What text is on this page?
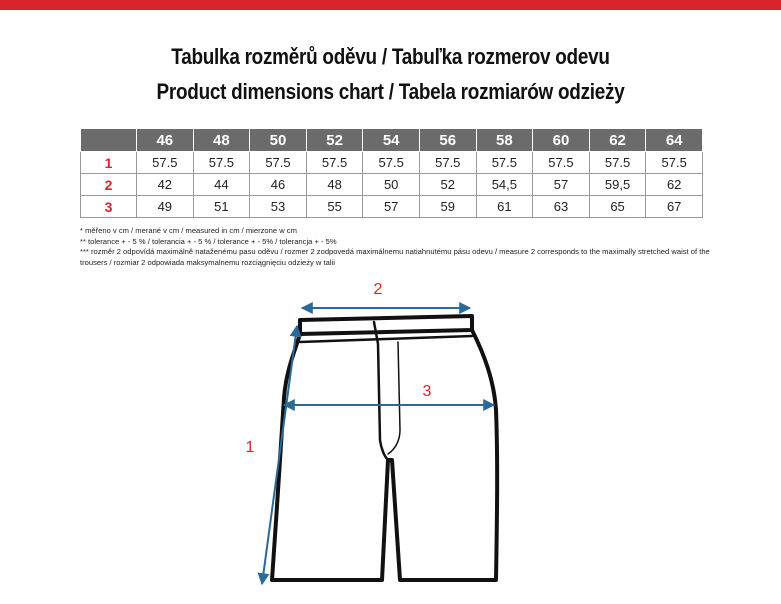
Tabulka rozměrů oděvu / Tabuľka rozmerov odevu
Product dimensions chart / Tabela rozmiarów odzieży
	46	48	50	52	54	56	58	60	62	64
1	57.5	57.5	57.5	57.5	57.5	57.5	57.5	57.5	57.5	57.5
2	42	44	46	48	50	52	54,5	57	59,5	62
3	49	51	53	55	57	59	61	63	65	67
* měřeno v cm / merané v cm / measured in cm / mierzone w cm
** tolerance + - 5 % / tolerancia + - 5 % / tolerance + - 5% / tolerancja + - 5%
*** rozměr 2 odpovídá maximálně nataženému pasu oděvu / rozmer 2 zodpovedá maximálnemu natiahnutému pásu odevu / measure 2 corresponds to the maximally stretched waist of the trousers / rozmiar 2 odpowiada maksymalnemu rozciągnięciu odzieży w talii
2
3
1
